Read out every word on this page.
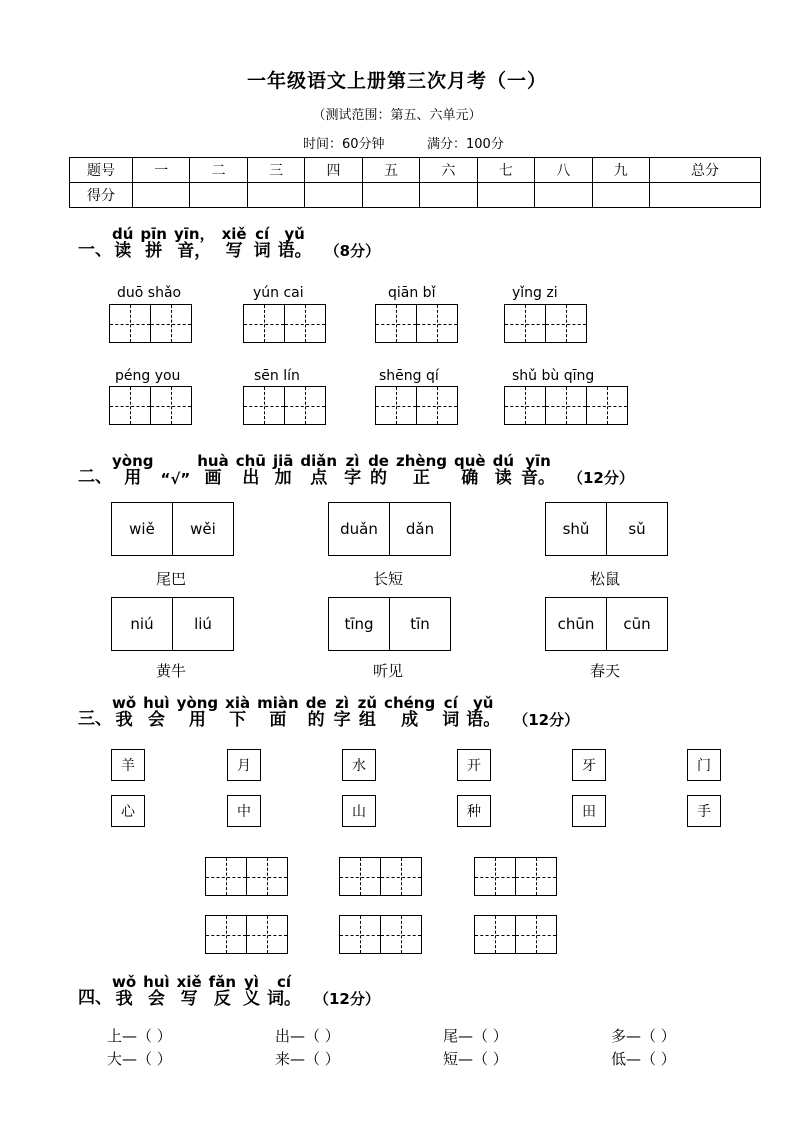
一年级语文上册第三次月考（一）
（测试范围：第五、六单元）
时间：60分钟	满分：100分
题号	一	二	三	四	五	六	七	八	九	总分
得分										
一、
dú
读
pīn
拼
yīn，
音，
xiě
写
cí
词
yǔ
语。 （8分）
duō shǎo	yún cai	qiān bǐ	yǐng zi
péng you	sēn lín	shēng qí	shǔ bù qīng
二、
yòng
用 “√”
huà
画
chū
出
jiā
加
diǎn
点
zì
字
de
的
zhèng
正
què
确
dú
读
yīn
音。 （12分）
wiě	wěi
尾巴
duǎn	dǎn
长短
shǔ	sǔ
松鼠
niú	liú
黄牛
tīng	tīn
听见
chūn	cūn
春天
三、
wǒ
我
huì
会
yòng
用
xià
下
miàn
面
de
的
zì
字
zǔ
组
chéng
成
cí
词
yǔ
语。 （12分）
羊	月	水	开	牙	门
心	中	山	种	田	手
四、
wǒ
我
huì
会
xiě
写
fǎn
反
yì
义
cí
词。 （12分）
上—（ ）	出—（ ）	尾—（ ）	多—（ ）
大—（ ）	来—（ ）	短—（ ）	低—（ ）
